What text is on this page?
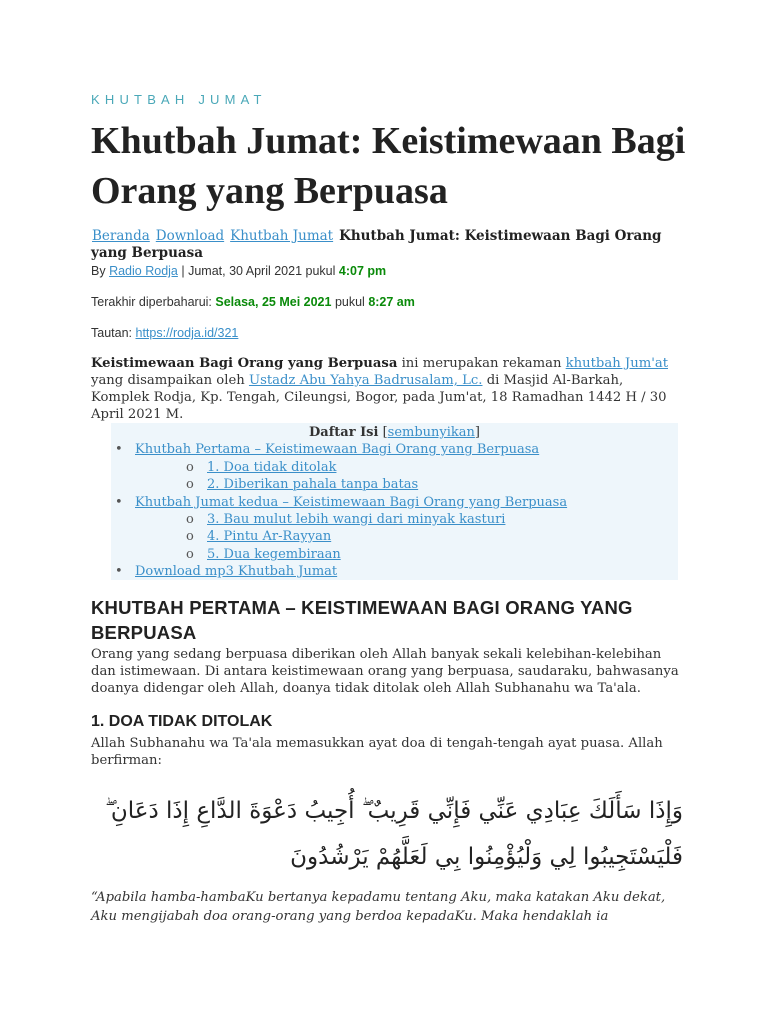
KHUTBAH JUMAT
Khutbah Jumat: Keistimewaan Bagi Orang yang Berpuasa
Beranda Download Khutbah Jumat Khutbah Jumat: Keistimewaan Bagi Orang yang Berpuasa
By Radio Rodja | Jumat, 30 April 2021 pukul 4:07 pm
Terakhir diperbaharui: Selasa, 25 Mei 2021 pukul 8:27 am
Tautan: https://rodja.id/321

Keistimewaan Bagi Orang yang Berpuasa ini merupakan rekaman khutbah Jum'at yang disampaikan oleh Ustadz Abu Yahya Badrusalam, Lc. di Masjid Al-Barkah, Komplek Rodja, Kp. Tengah, Cileungsi, Bogor, pada Jum'at, 18 Ramadhan 1442 H / 30 April 2021 M.

Daftar Isi [sembunyikan]
• Khutbah Pertama – Keistimewaan Bagi Orang yang Berpuasa
o 1. Doa tidak ditolak
o 2. Diberikan pahala tanpa batas
• Khutbah Jumat kedua – Keistimewaan Bagi Orang yang Berpuasa
o 3. Bau mulut lebih wangi dari minyak kasturi
o 4. Pintu Ar-Rayyan
o 5. Dua kegembiraan
• Download mp3 Khutbah Jumat
KHUTBAH PERTAMA – KEISTIMEWAAN BAGI ORANG YANG BERPUASA

Orang yang sedang berpuasa diberikan oleh Allah banyak sekali kelebihan-kelebihan dan istimewaan. Di antara keistimewaan orang yang berpuasa, saudaraku, bahwasanya doanya didengar oleh Allah, doanya tidak ditolak oleh Allah Subhanahu wa Ta'ala.

1. DOA TIDAK DITOLAK

Allah Subhanahu wa Ta'ala memasukkan ayat doa di tengah-tengah ayat puasa. Allah berfirman:

وَإِذَا سَأَلَكَ عِبَادِي عَنِّي فَإِنِّي قَرِيبٌ ۖ أُجِيبُ دَعْوَةَ الدَّاعِ إِذَا دَعَانِ ۖ
فَلْيَسْتَجِيبُوا لِي وَلْيُؤْمِنُوا بِي لَعَلَّهُمْ يَرْشُدُونَ

“Apabila hamba-hambaKu bertanya kepadamu tentang Aku, maka katakan Aku dekat, Aku mengijabah doa orang-orang yang berdoa kepadaKu. Maka hendaklah ia
